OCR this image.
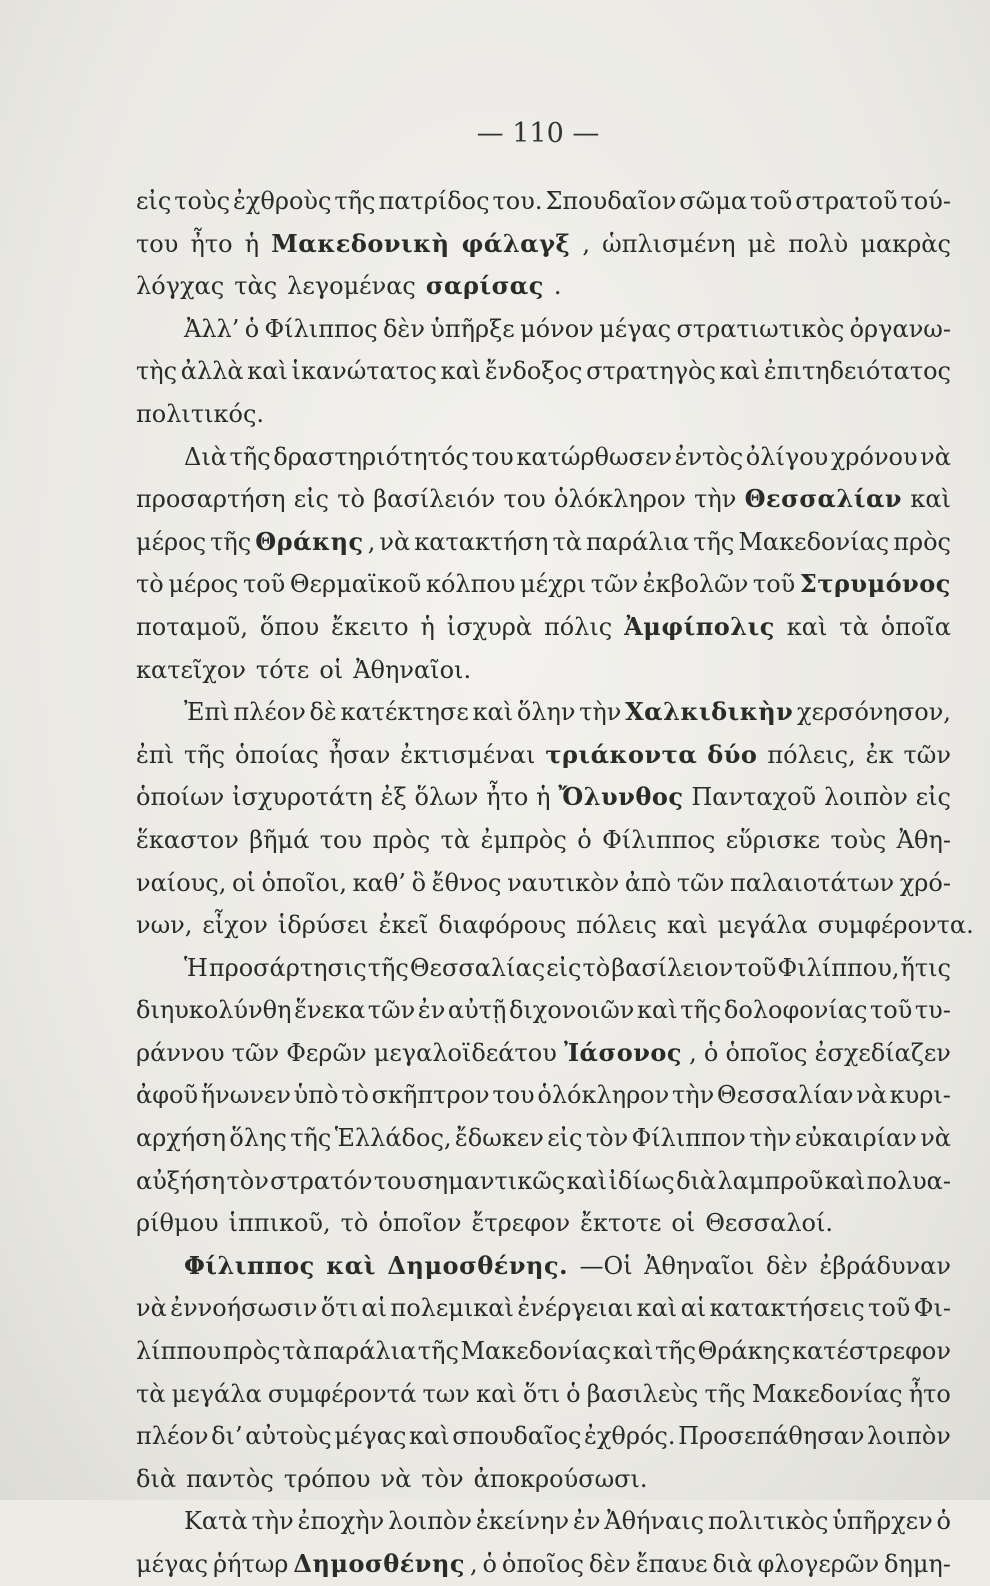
— 110 —
εἰς τοὺς ἐχθροὺς τῆς πατρίδος του. Σπουδαῖον σῶμα τοῦ στρατοῦ τού-
του ἦτο ἡ Μακεδονικὴ φάλαγξ , ὡπλισμένη μὲ πολὺ μακρὰς
λόγχας τὰς λεγομένας σαρίσας .
Ἀλλ’ ὁ Φίλιππος δὲν ὑπῆρξε μόνον μέγας στρατιωτικὸς ὀργανω-
τὴς ἀλλὰ καὶ ἱκανώτατος καὶ ἔνδοξος στρατηγὸς καὶ ἐπιτηδειότατος
πολιτικός.
Διὰ τῆς δραστηριότητός του κατώρθωσεν ἐντὸς ὀλίγου χρόνου νὰ
προσαρτήση εἰς τὸ βασίλειόν του ὁλόκληρον τὴν Θεσσαλίαν καὶ
μέρος τῆς Θράκης , νὰ κατακτήση τὰ παράλια τῆς Μακεδονίας πρὸς
τὸ μέρος τοῦ Θερμαϊκοῦ κόλπου μέχρι τῶν ἐκβολῶν τοῦ Στρυμόνος
ποταμοῦ, ὅπου ἔκειτο ἡ ἰσχυρὰ πόλις Ἀμφίπολις καὶ τὰ ὁποῖα
κατεῖχον τότε οἱ Ἀθηναῖοι.
Ἐπὶ πλέον δὲ κατέκτησε καὶ ὅλην τὴν Χαλκιδικὴν χερσόνησον,
ἐπὶ τῆς ὁποίας ἦσαν ἐκτισμέναι τριάκοντα δύο πόλεις, ἐκ τῶν
ὁποίων ἰσχυροτάτη ἐξ ὅλων ἦτο ἡ Ὄλυνθος Πανταχοῦ λοιπὸν εἰς
ἕκαστον βῆμά του πρὸς τὰ ἐμπρὸς ὁ Φίλιππος εὕρισκε τοὺς Ἀθη-
ναίους, οἱ ὁποῖοι, καθ’ ὃ ἔθνος ναυτικὸν ἀπὸ τῶν παλαιοτάτων χρό-
νων, εἶχον ἱδρύσει ἐκεῖ διαφόρους πόλεις καὶ μεγάλα συμφέροντα.
Ἡ προσάρτησις τῆς Θεσσαλίας εἰς τὸ βασίλειον τοῦ Φιλίππου, ἥτις
διηυκολύνθη ἕνεκα τῶν ἐν αὐτῇ διχονοιῶν καὶ τῆς δολοφονίας τοῦ τυ-
ράννου τῶν Φερῶν μεγαλοϊδεάτου Ἰάσονος , ὁ ὁποῖος ἐσχεδίαζεν
ἀφοῦ ἥνωνεν ὑπὸ τὸ σκῆπτρον του ὁλόκληρον τὴν Θεσσαλίαν νὰ κυρι-
αρχήση ὅλης τῆς Ἑλλάδος, ἔδωκεν εἰς τὸν Φίλιππον τὴν εὐκαιρίαν νὰ
αὐξήση τὸν στρατόν του σημαντικῶς καὶ ἰδίως διὰ λαμπροῦ καὶ πολυα-
ρίθμου ἱππικοῦ, τὸ ὁποῖον ἔτρεφον ἔκτοτε οἱ Θεσσαλοί.
Φίλιππος καὶ Δημοσθένης. —Οἱ Ἀθηναῖοι δὲν ἐβράδυναν
νὰ ἐννοήσωσιν ὅτι αἱ πολεμικαὶ ἐνέργειαι καὶ αἱ κατακτήσεις τοῦ Φι-
λίππου πρὸς τὰ παράλια τῆς Μακεδονίας καὶ τῆς Θράκης κατέστρεφον
τὰ μεγάλα συμφέροντά των καὶ ὅτι ὁ βασιλεὺς τῆς Μακεδονίας ἦτο
πλέον δι’ αὐτοὺς μέγας καὶ σπουδαῖος ἐχθρός. Προσεπάθησαν λοιπὸν
διὰ παντὸς τρόπου νὰ τὸν ἀποκρούσωσι.
Κατὰ τὴν ἐποχὴν λοιπὸν ἐκείνην ἐν Ἀθήναις πολιτικὸς ὑπῆρχεν ὁ
μέγας ῥήτωρ Δημοσθένης , ὁ ὁποῖος δὲν ἔπαυε διὰ φλογερῶν δημη-
